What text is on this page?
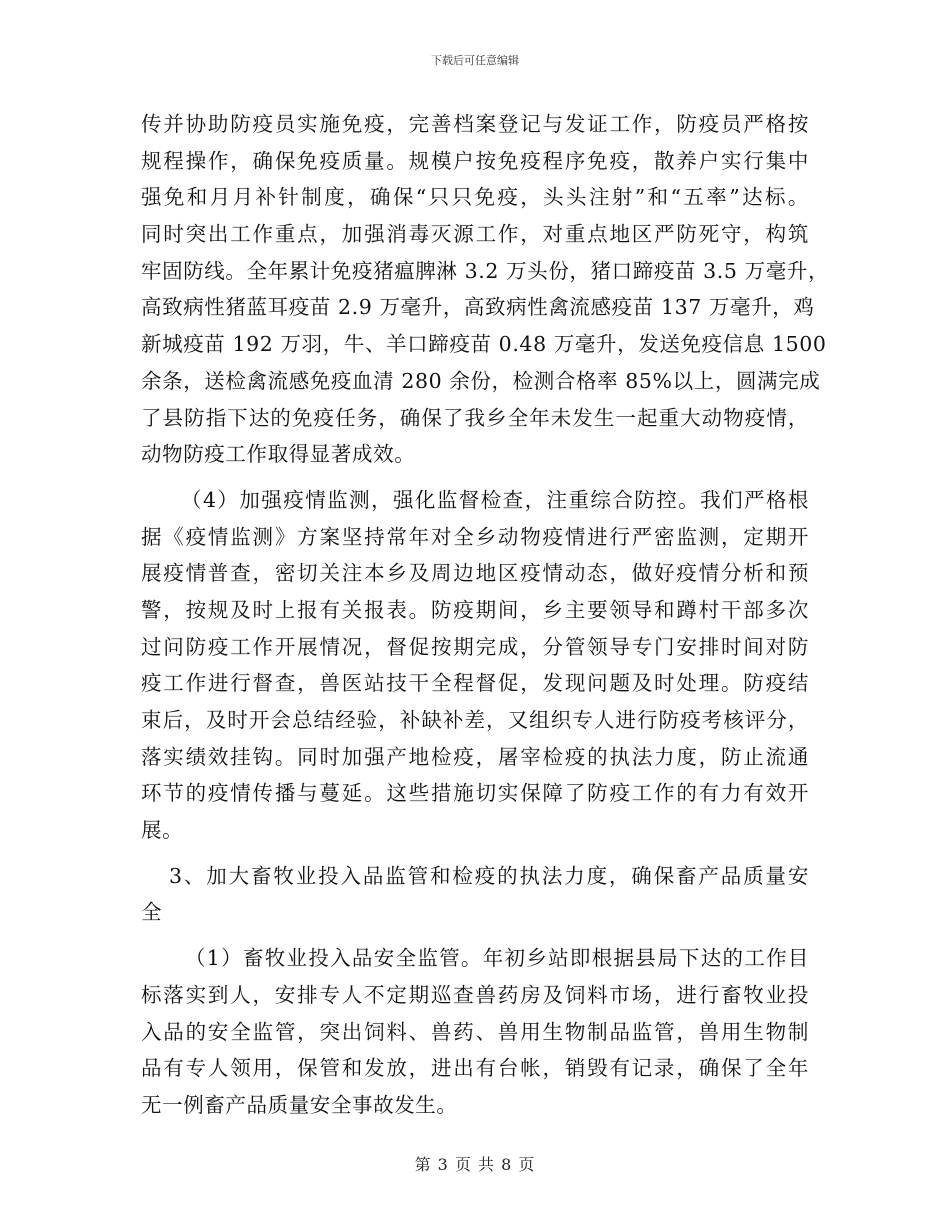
下载后可任意编辑
传并协助防疫员实施免疫，完善档案登记与发证工作，防疫员严格按
规程操作，确保免疫质量。规模户按免疫程序免疫，散养户实行集中
强免和月月补针制度，确保“只只免疫，头头注射”和“五率”达标。
同时突出工作重点，加强消毒灭源工作，对重点地区严防死守，构筑
牢固防线。全年累计免疫猪瘟脾淋 3.2 万头份，猪口蹄疫苗 3.5 万毫升，
高致病性猪蓝耳疫苗 2.9 万毫升，高致病性禽流感疫苗 137 万毫升，鸡
新城疫苗 192 万羽，牛、羊口蹄疫苗 0.48 万毫升，发送免疫信息 1500
余条，送检禽流感免疫血清 280 余份，检测合格率 85%以上，圆满完成
了县防指下达的免疫任务，确保了我乡全年未发生一起重大动物疫情，
动物防疫工作取得显著成效。
（4）加强疫情监测，强化监督检查，注重综合防控。我们严格根
据《疫情监测》方案坚持常年对全乡动物疫情进行严密监测，定期开
展疫情普查，密切关注本乡及周边地区疫情动态，做好疫情分析和预
警，按规及时上报有关报表。防疫期间，乡主要领导和蹲村干部多次
过问防疫工作开展情况，督促按期完成，分管领导专门安排时间对防
疫工作进行督查，兽医站技干全程督促，发现问题及时处理。防疫结
束后，及时开会总结经验，补缺补差，又组织专人进行防疫考核评分，
落实绩效挂钩。同时加强产地检疫，屠宰检疫的执法力度，防止流通
环节的疫情传播与蔓延。这些措施切实保障了防疫工作的有力有效开
展。
3、加大畜牧业投入品监管和检疫的执法力度，确保畜产品质量安
全
（1）畜牧业投入品安全监管。年初乡站即根据县局下达的工作目
标落实到人，安排专人不定期巡查兽药房及饲料市场，进行畜牧业投
入品的安全监管，突出饲料、兽药、兽用生物制品监管，兽用生物制
品有专人领用，保管和发放，进出有台帐，销毁有记录，确保了全年
无一例畜产品质量安全事故发生。
第 3 页 共 8 页
